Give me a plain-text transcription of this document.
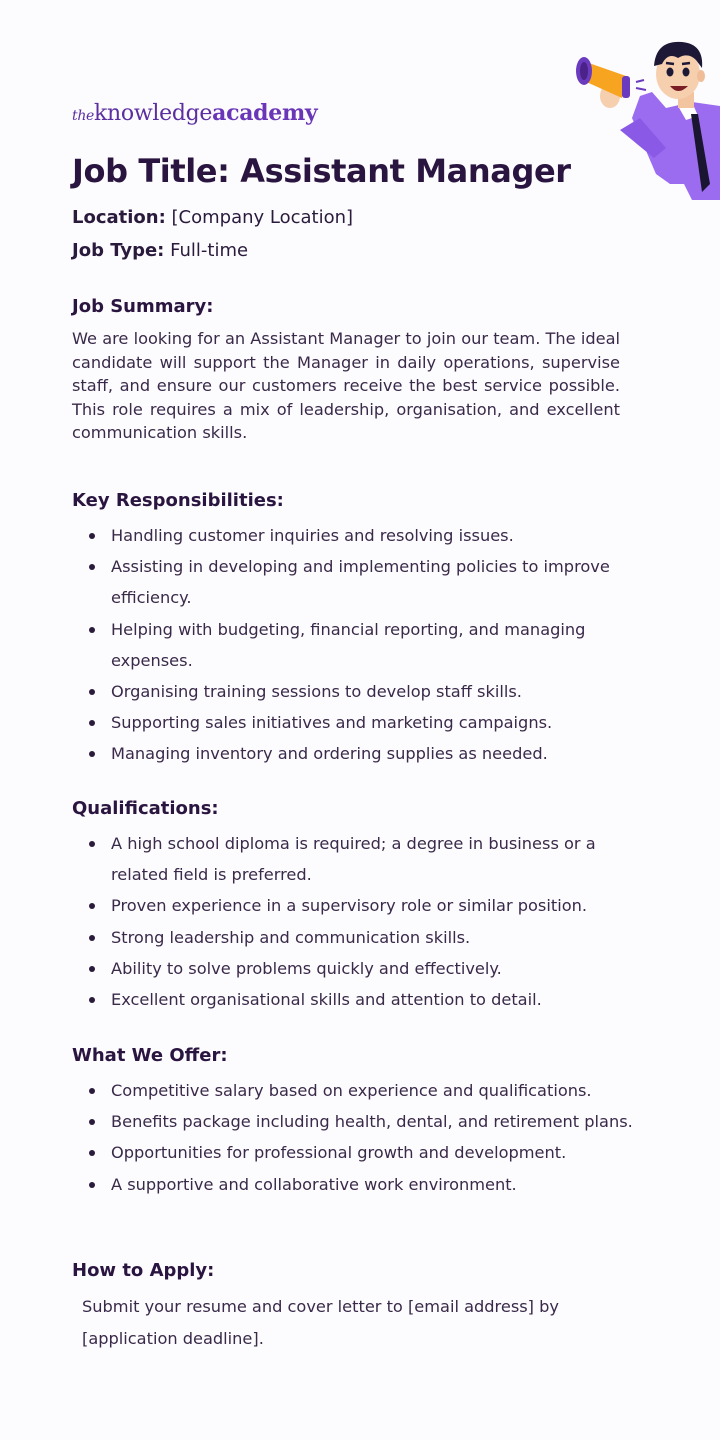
theknowledgeacademy
Job Title: Assistant Manager
Location: [Company Location]
Job Type: Full-time
Job Summary:

We are looking for an Assistant Manager to join our team. The ideal candidate will support the Manager in daily operations, supervise staff, and ensure our customers receive the best service possible. This role requires a mix of leadership, organisation, and excellent communication skills.

Key Responsibilities:
Handling customer inquiries and resolving issues.
Assisting in developing and implementing policies to improve efficiency.
Helping with budgeting, financial reporting, and managing expenses.
Organising training sessions to develop staff skills.
Supporting sales initiatives and marketing campaigns.
Managing inventory and ordering supplies as needed.
Qualifications:
A high school diploma is required; a degree in business or a related field is preferred.
Proven experience in a supervisory role or similar position.
Strong leadership and communication skills.
Ability to solve problems quickly and effectively.
Excellent organisational skills and attention to detail.
What We Offer:
Competitive salary based on experience and qualifications.
Benefits package including health, dental, and retirement plans.
Opportunities for professional growth and development.
A supportive and collaborative work environment.
How to Apply:

Submit your resume and cover letter to [email address] by [application deadline].
